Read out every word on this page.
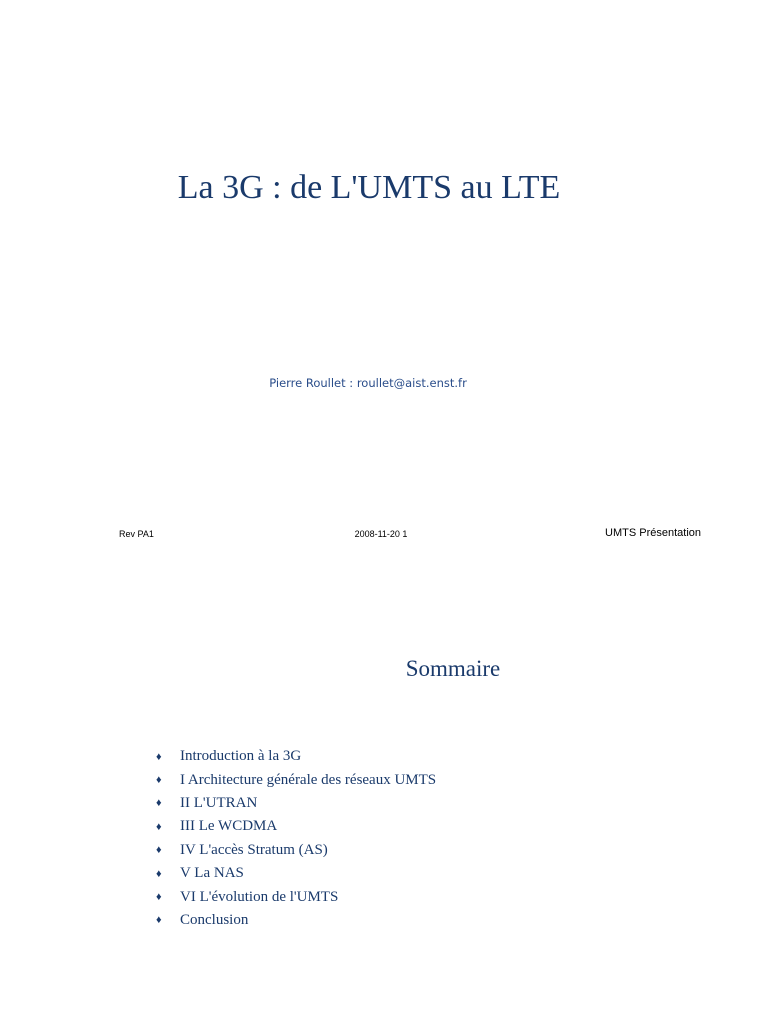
La 3G : de L'UMTS au LTE
Pierre Roullet : roullet@aist.enst.fr
Rev PA1	2008-11-20 1	UMTS Présentation
Sommaire
♦	Introduction à la 3G
♦	I Architecture générale des réseaux UMTS
♦	II L'UTRAN
♦	III Le WCDMA
♦	IV L'accès Stratum (AS)
♦	V La NAS
♦	VI L'évolution de l'UMTS
♦	Conclusion
